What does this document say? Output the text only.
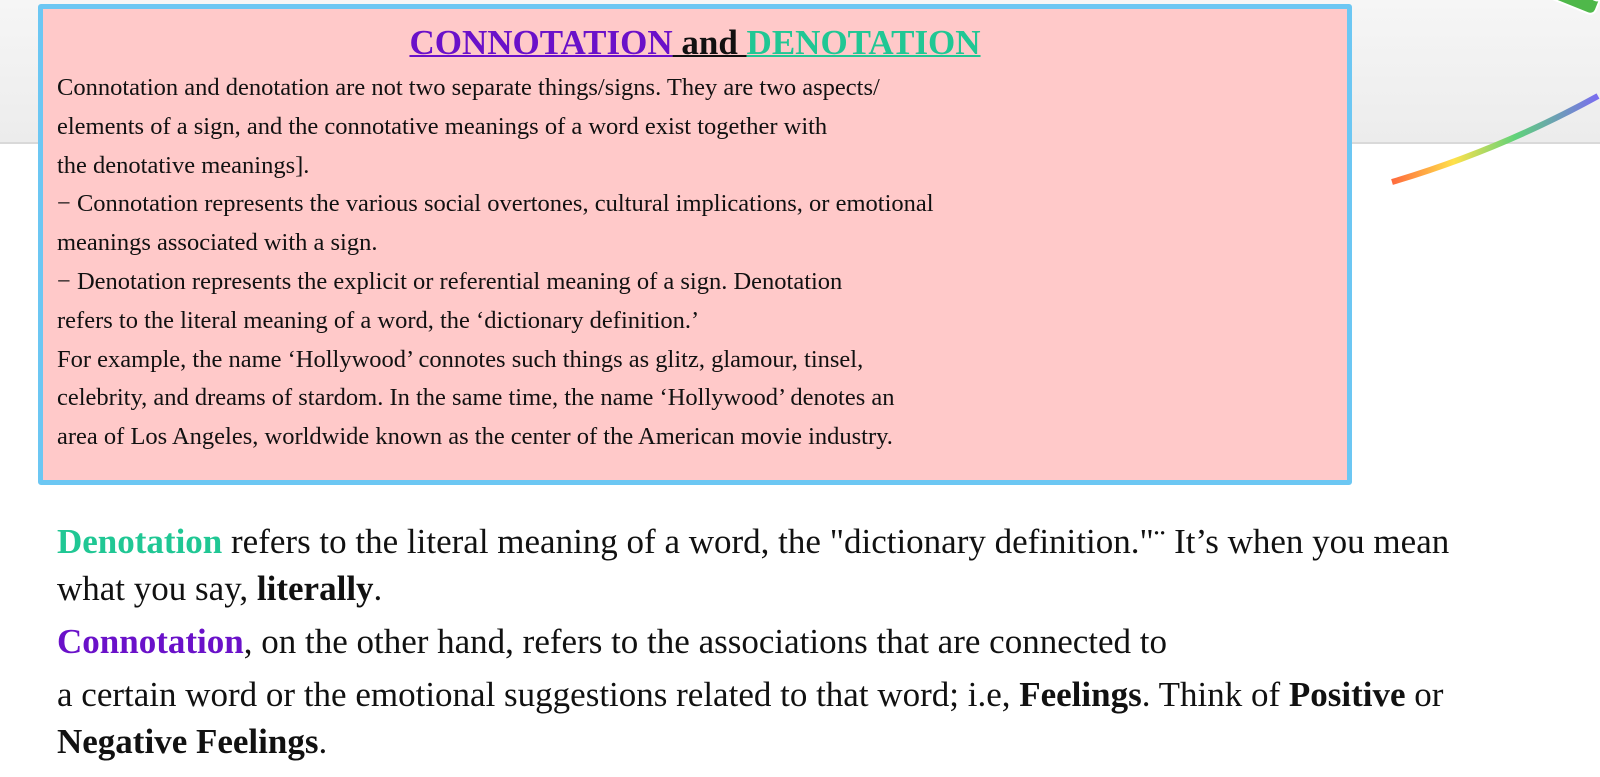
CONNOTATION and DENOTATION
Connotation and denotation are not two separate things/signs. They are two aspects/
elements of a sign, and the connotative meanings of a word exist together with
the denotative meanings].
− Connotation represents the various social overtones, cultural implications, or emotional
meanings associated with a sign.
− Denotation represents the explicit or referential meaning of a sign. Denotation
refers to the literal meaning of a word, the ‘dictionary definition.’
For example, the name ‘Hollywood’ connotes such things as glitz, glamour, tinsel,
celebrity, and dreams of stardom. In the same time, the name ‘Hollywood’ denotes an
area of Los Angeles, worldwide known as the center of the American movie industry.
Denotation refers to the literal meaning of a word, the "dictionary definition."¨ It’s when you mean
what you say, literally.
Connotation, on the other hand, refers to the associations that are connected to
a certain word or the emotional suggestions related to that word; i.e, Feelings. Think of Positive or
Negative Feelings.
